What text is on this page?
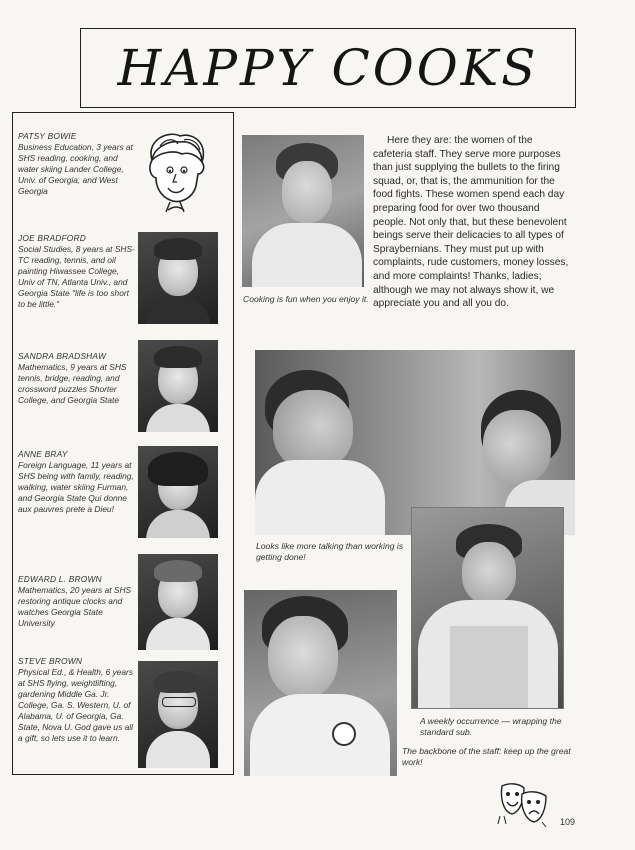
HAPPY COOKS
PATSY BOWIE
Business Education, 3 years at SHS reading, cooking, and water skiing Lander College, Univ. of Georgia, and West Georgia
JOE BRADFORD
Social Studies, 8 years at SHS-TC reading, tennis, and oil painting Hiwassee College, Univ of TN, Atlanta Univ., and Georgia State "life is too short to be little."
SANDRA BRADSHAW
Mathematics, 9 years at SHS tennis, bridge, reading, and crossword puzzles Shorter College, and Georgia State
ANNE BRAY
Foreign Language, 11 years at SHS being with family, reading, walking, water skiing Furman, and Georgia State Qui donne aux pauvres prete a Dieu!
EDWARD L. BROWN
Mathematics, 20 years at SHS restoring antique clocks and watches Georgia State University
STEVE BROWN
Physical Ed., & Health, 6 years at SHS flying, weightlifting, gardening Middle Ga. Jr. College, Ga. S. Western, U. of Alabama, U. of Georgia, Ga. State, Nova U. God gave us all a gift, so lets use it to learn.
Cooking is fun when you enjoy it.
Here they are: the women of the cafeteria staff. They serve more purposes than just supplying the bullets to the firing squad, or, that is, the ammunition for the food fights. These women spend each day preparing food for over two thousand people. Not only that, but these benevolent beings serve their delicacies to all types of Spraybernians. They must put up with complaints, rude customers, money losses, and more complaints! Thanks, ladies; although we may not always show it, we appreciate you and all you do.
Looks like more talking than working is getting done!
A weekly occurrence — wrapping the standard sub.
The backbone of the staff: keep up the great work!
109
